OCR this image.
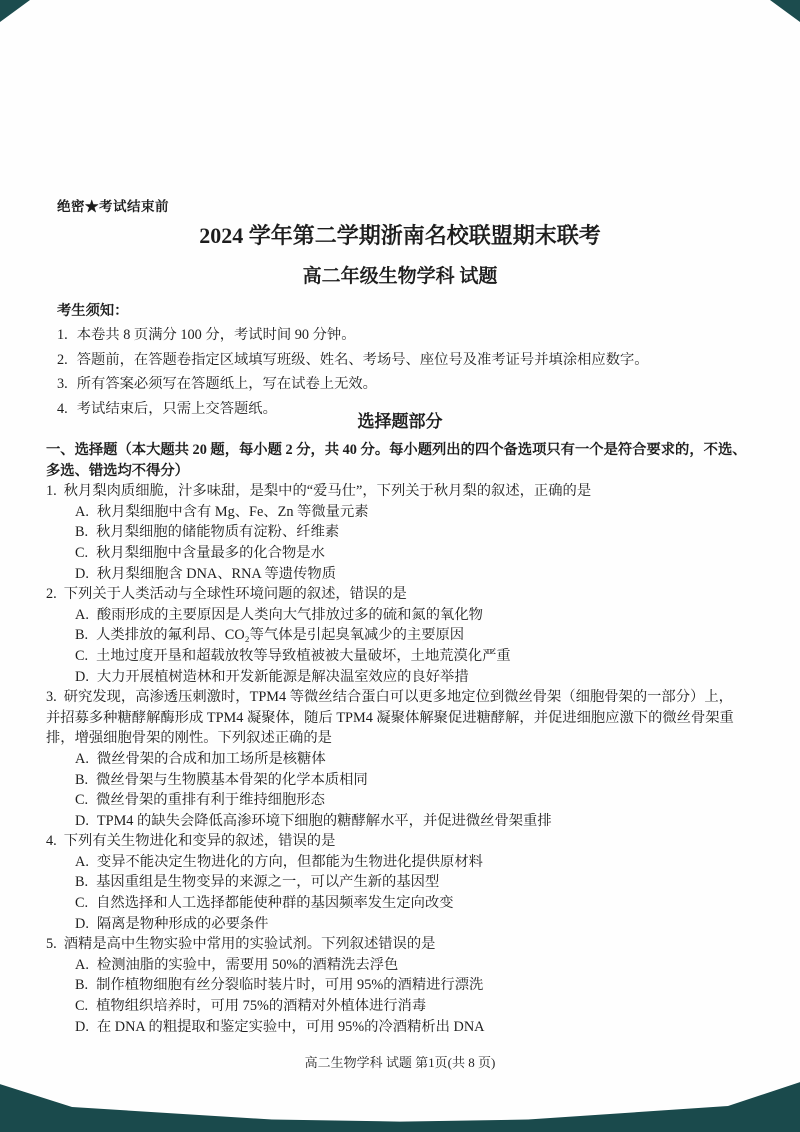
绝密★考试结束前
2024 学年第二学期浙南名校联盟期末联考
高二年级生物学科 试题
考生须知：
1. 本卷共 8 页满分 100 分，考试时间 90 分钟。
2. 答题前，在答题卷指定区域填写班级、姓名、考场号、座位号及准考证号并填涂相应数字。
3. 所有答案必须写在答题纸上，写在试卷上无效。
4. 考试结束后，只需上交答题纸。
选择题部分

一、选择题（本大题共 20 题，每小题 2 分，共 40 分。每小题列出的四个备选项只有一个是符合要求的，不选、多选、错选均不得分）

1. 秋月梨肉质细脆，汁多味甜，是梨中的“爱马仕”，下列关于秋月梨的叙述，正确的是

A. 秋月梨细胞中含有 Mg、Fe、Zn 等微量元素

B. 秋月梨细胞的储能物质有淀粉、纤维素

C. 秋月梨细胞中含量最多的化合物是水

D. 秋月梨细胞含 DNA、RNA 等遗传物质

2. 下列关于人类活动与全球性环境问题的叙述，错误的是

A. 酸雨形成的主要原因是人类向大气排放过多的硫和氮的氧化物

B. 人类排放的氟利昂、CO₂等气体是引起臭氧减少的主要原因

C. 土地过度开垦和超载放牧等导致植被被大量破坏，土地荒漠化严重

D. 大力开展植树造林和开发新能源是解决温室效应的良好举措

3. 研究发现，高渗透压刺激时，TPM4 等微丝结合蛋白可以更多地定位到微丝骨架（细胞骨架的一部分）上，并招募多种糖酵解酶形成 TPM4 凝聚体，随后 TPM4 凝聚体解聚促进糖酵解，并促进细胞应激下的微丝骨架重排，增强细胞骨架的刚性。下列叙述正确的是

A. 微丝骨架的合成和加工场所是核糖体

B. 微丝骨架与生物膜基本骨架的化学本质相同

C. 微丝骨架的重排有利于维持细胞形态

D. TPM4 的缺失会降低高渗环境下细胞的糖酵解水平，并促进微丝骨架重排

4. 下列有关生物进化和变异的叙述，错误的是

A. 变异不能决定生物进化的方向，但都能为生物进化提供原材料

B. 基因重组是生物变异的来源之一，可以产生新的基因型

C. 自然选择和人工选择都能使种群的基因频率发生定向改变

D. 隔离是物种形成的必要条件

5. 酒精是高中生物实验中常用的实验试剂。下列叙述错误的是

A. 检测油脂的实验中，需要用 50%的酒精洗去浮色

B. 制作植物细胞有丝分裂临时装片时，可用 95%的酒精进行漂洗

C. 植物组织培养时，可用 75%的酒精对外植体进行消毒

D. 在 DNA 的粗提取和鉴定实验中，可用 95%的冷酒精析出 DNA

高二生物学科 试题 第1页(共 8 页)
